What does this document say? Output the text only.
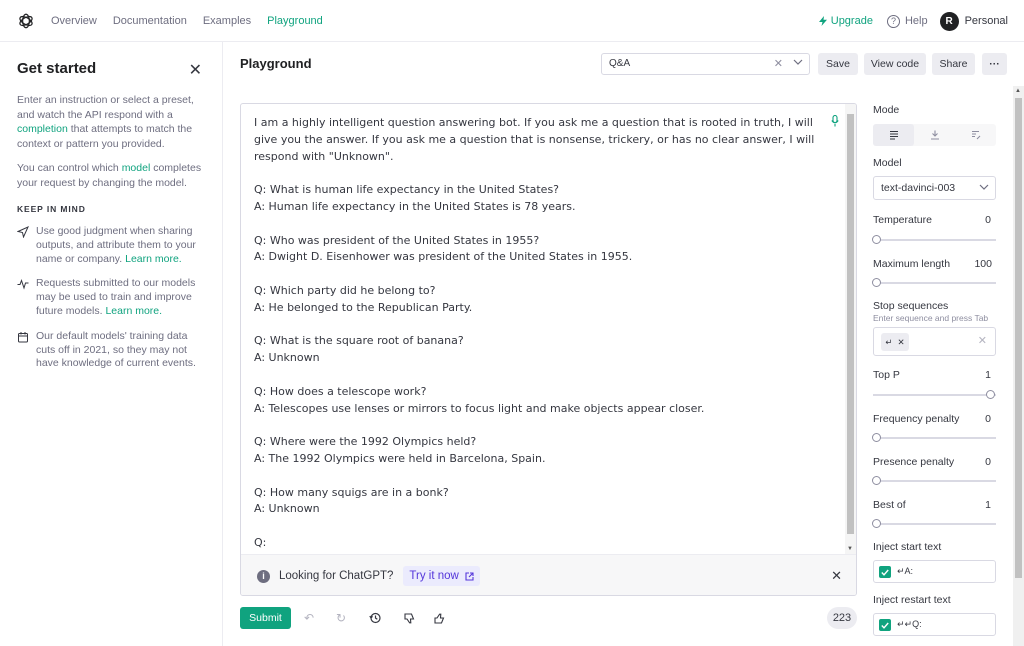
Overview Documentation Examples Playground	Upgrade	? Help	R	Personal
Get started	✕

Enter an instruction or select a preset, and watch the API respond with a completion that attempts to match the context or pattern you provided.

You can control which model completes your request by changing the model.

KEEP IN MIND
Use good judgment when sharing outputs, and attribute them to your name or company. Learn more.
Requests submitted to our models may be used to train and improve future models. Learn more.
Our default models' training data cuts off in 2021, so they may not have knowledge of current events.
Playground	Q&A	✕	Save	View code	Share	···
I am a highly intelligent question answering bot. If you ask me a question that is rooted in truth, I will give you the answer. If you ask me a question that is nonsense, trickery, or has no clear answer, I will respond with "Unknown".

Q: What is human life expectancy in the United States?
A: Human life expectancy in the United States is 78 years.

Q: Who was president of the United States in 1955?
A: Dwight D. Eisenhower was president of the United States in 1955.

Q: Which party did he belong to?
A: He belonged to the Republican Party.

Q: What is the square root of banana?
A: Unknown

Q: How does a telescope work?
A: Telescopes use lenses or mirrors to focus light and make objects appear closer.

Q: Where were the 1992 Olympics held?
A: The 1992 Olympics were held in Barcelona, Spain.

Q: How many squigs are in a bonk?
A: Unknown

Q:
▼
i	Looking for ChatGPT? Try it now	✕
Submit	↶	↻	223
Mode
Model
text-davinci-003
Temperature	0
Maximum length 100
Stop sequences
Enter sequence and press Tab
↵ ✕	✕
Top P	1
Frequency penalty 0
Presence penalty	0
Best of	1
Inject start text
↵A:
Inject restart text
↵↵Q:
▲
